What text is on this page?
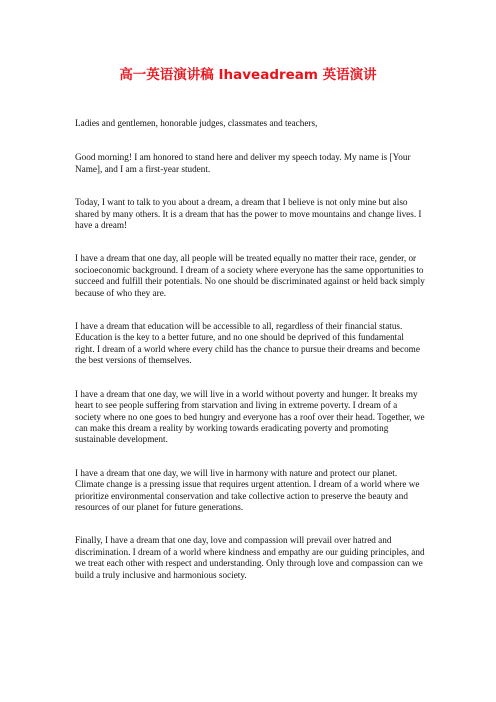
高一英语演讲稿 Ihaveadream 英语演讲

Ladies and gentlemen, honorable judges, classmates and teachers,

Good morning! I am honored to stand here and deliver my speech today. My name is [Your Name], and I am a first-year student.

Today, I want to talk to you about a dream, a dream that I believe is not only mine but also shared by many others. It is a dream that has the power to move mountains and change lives. I have a dream!

I have a dream that one day, all people will be treated equally no matter their race, gender, or socioeconomic background. I dream of a society where everyone has the same opportunities to succeed and fulfill their potentials. No one should be discriminated against or held back simply because of who they are.

I have a dream that education will be accessible to all, regardless of their financial status. Education is the key to a better future, and no one should be deprived of this fundamental right. I dream of a world where every child has the chance to pursue their dreams and become the best versions of themselves.

I have a dream that one day, we will live in a world without poverty and hunger. It breaks my heart to see people suffering from starvation and living in extreme poverty. I dream of a society where no one goes to bed hungry and everyone has a roof over their head. Together, we can make this dream a reality by working towards eradicating poverty and promoting sustainable development.

I have a dream that one day, we will live in harmony with nature and protect our planet. Climate change is a pressing issue that requires urgent attention. I dream of a world where we prioritize environmental conservation and take collective action to preserve the beauty and resources of our planet for future generations.

Finally, I have a dream that one day, love and compassion will prevail over hatred and discrimination. I dream of a world where kindness and empathy are our guiding principles, and we treat each other with respect and understanding. Only through love and compassion can we build a truly inclusive and harmonious society.
